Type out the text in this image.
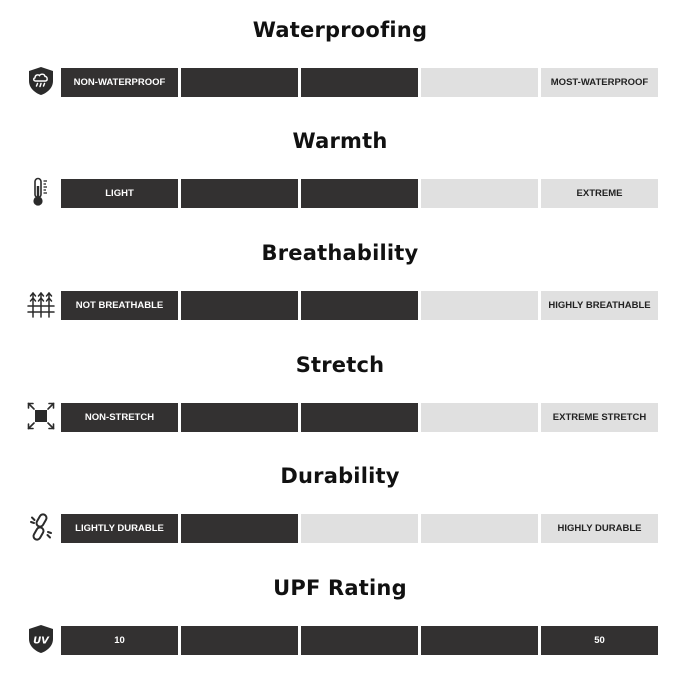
Waterproofing
NON-WATERPROOF	MOST-WATERPROOF
Warmth
LIGHT	EXTREME
Breathability
NOT BREATHABLE	HIGHLY BREATHABLE
Stretch
NON-STRETCH	EXTREME STRETCH
Durability
LIGHTLY DURABLE	HIGHLY DURABLE
UPF Rating
UV	10	50
